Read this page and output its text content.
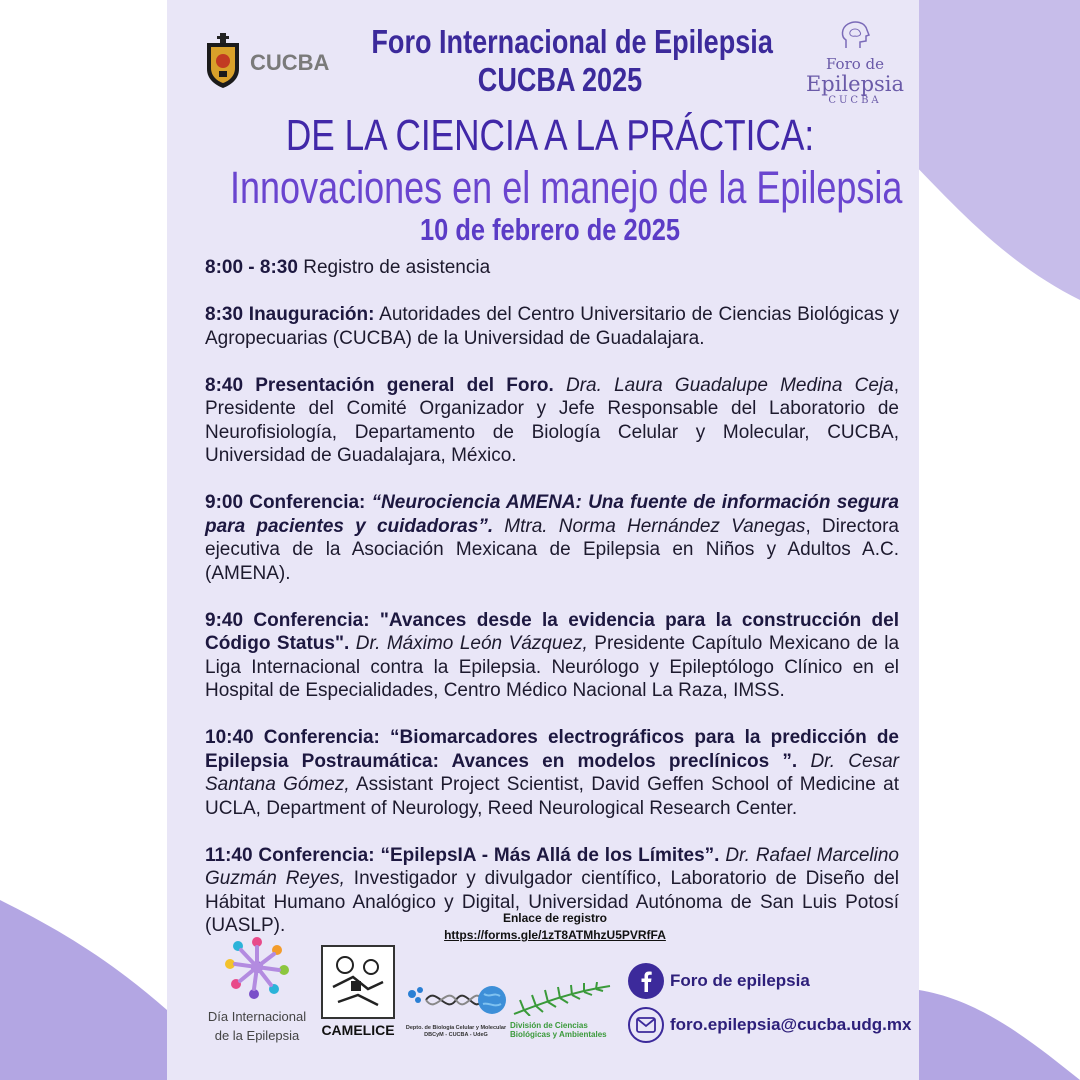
CUCBA
Foro Internacional de Epilepsia
CUCBA 2025	Foro de
Epilepsia
CUCBA
DE LA CIENCIA A LA PRÁCTICA:
Innovaciones en el manejo de la Epilepsia
10 de febrero de 2025
8:00 - 8:30 Registro de asistencia
8:30 Inauguración: Autoridades del Centro Universitario de Ciencias Biológicas y Agropecuarias (CUCBA) de la Universidad de Guadalajara.
8:40 Presentación general del Foro. Dra. Laura Guadalupe Medina Ceja, Presidente del Comité Organizador y Jefe Responsable del Laboratorio de Neurofisiología, Departamento de Biología Celular y Molecular, CUCBA, Universidad de Guadalajara, México.
9:00 Conferencia: “Neurociencia AMENA: Una fuente de información segura para pacientes y cuidadoras”. Mtra. Norma Hernández Vanegas, Directora ejecutiva de la Asociación Mexicana de Epilepsia en Niños y Adultos A.C. (AMENA).
9:40 Conferencia: "Avances desde la evidencia para la construcción del Código Status". Dr. Máximo León Vázquez, Presidente Capítulo Mexicano de la Liga Internacional contra la Epilepsia. Neurólogo y Epileptólogo Clínico en el Hospital de Especialidades, Centro Médico Nacional La Raza, IMSS.
10:40 Conferencia: “Biomarcadores electrográficos para la predicción de Epilepsia Postraumática: Avances en modelos preclínicos ”. Dr. Cesar Santana Gómez, Assistant Project Scientist, David Geffen School of Medicine at UCLA, Department of Neurology, Reed Neurological Research Center.
11:40 Conferencia: “EpilepsIA - Más Allá de los Límites”. Dr. Rafael Marcelino Guzmán Reyes, Investigador y divulgador científico, Laboratorio de Diseño del Hábitat Humano Analógico y Digital, Universidad Autónoma de San Luis Potosí (UASLP).	Enlace de registro
https://forms.gle/1zT8ATMhzU5PVRfFA
Día Internacional
de la Epilepsia	CAMELICE	Depto. de Biología Celular y Molecular
DBCyM - CUCBA - UdeG
División de Ciencias
Biológicas y Ambientales
Foro de epilepsia
foro.epilepsia@cucba.udg.mx
